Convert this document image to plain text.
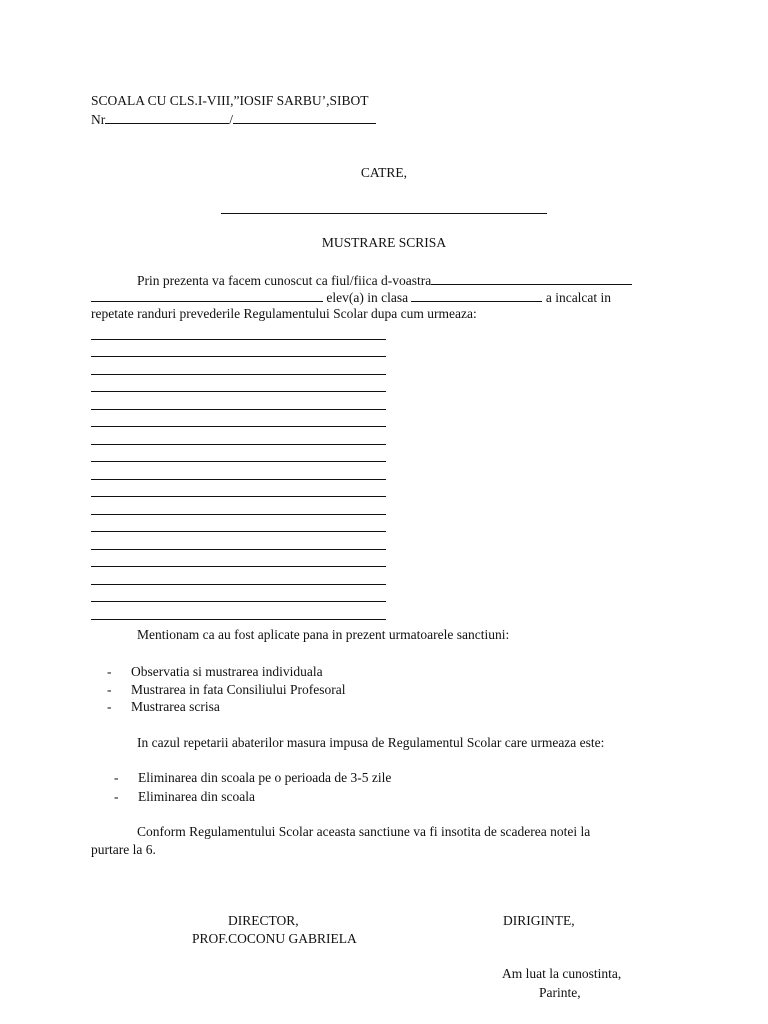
SCOALA CU CLS.I-VIII,”IOSIF SARBU’,SIBOT
Nr	/
CATRE,
MUSTRARE SCRISA
Prin prezenta va facem cunoscut ca fiul/fiica d-voastra
elev(a) in clasa	a incalcat in
repetate randuri prevederile Regulamentului Scolar dupa cum urmeaza:
Mentionam ca au fost aplicate pana in prezent urmatoarele sanctiuni:
- Observatia si mustrarea individuala
- Mustrarea in fata Consiliului Profesoral
- Mustrarea scrisa
In cazul repetarii abaterilor masura impusa de Regulamentul Scolar care urmeaza este:
- Eliminarea din scoala pe o perioada de 3-5 zile
- Eliminarea din scoala
Conform Regulamentului Scolar aceasta sanctiune va fi insotita de scaderea notei la
purtare la 6.
DIRECTOR,
PROF.COCONU GABRIELA
DIRIGINTE,
Am luat la cunostinta,
Parinte,
